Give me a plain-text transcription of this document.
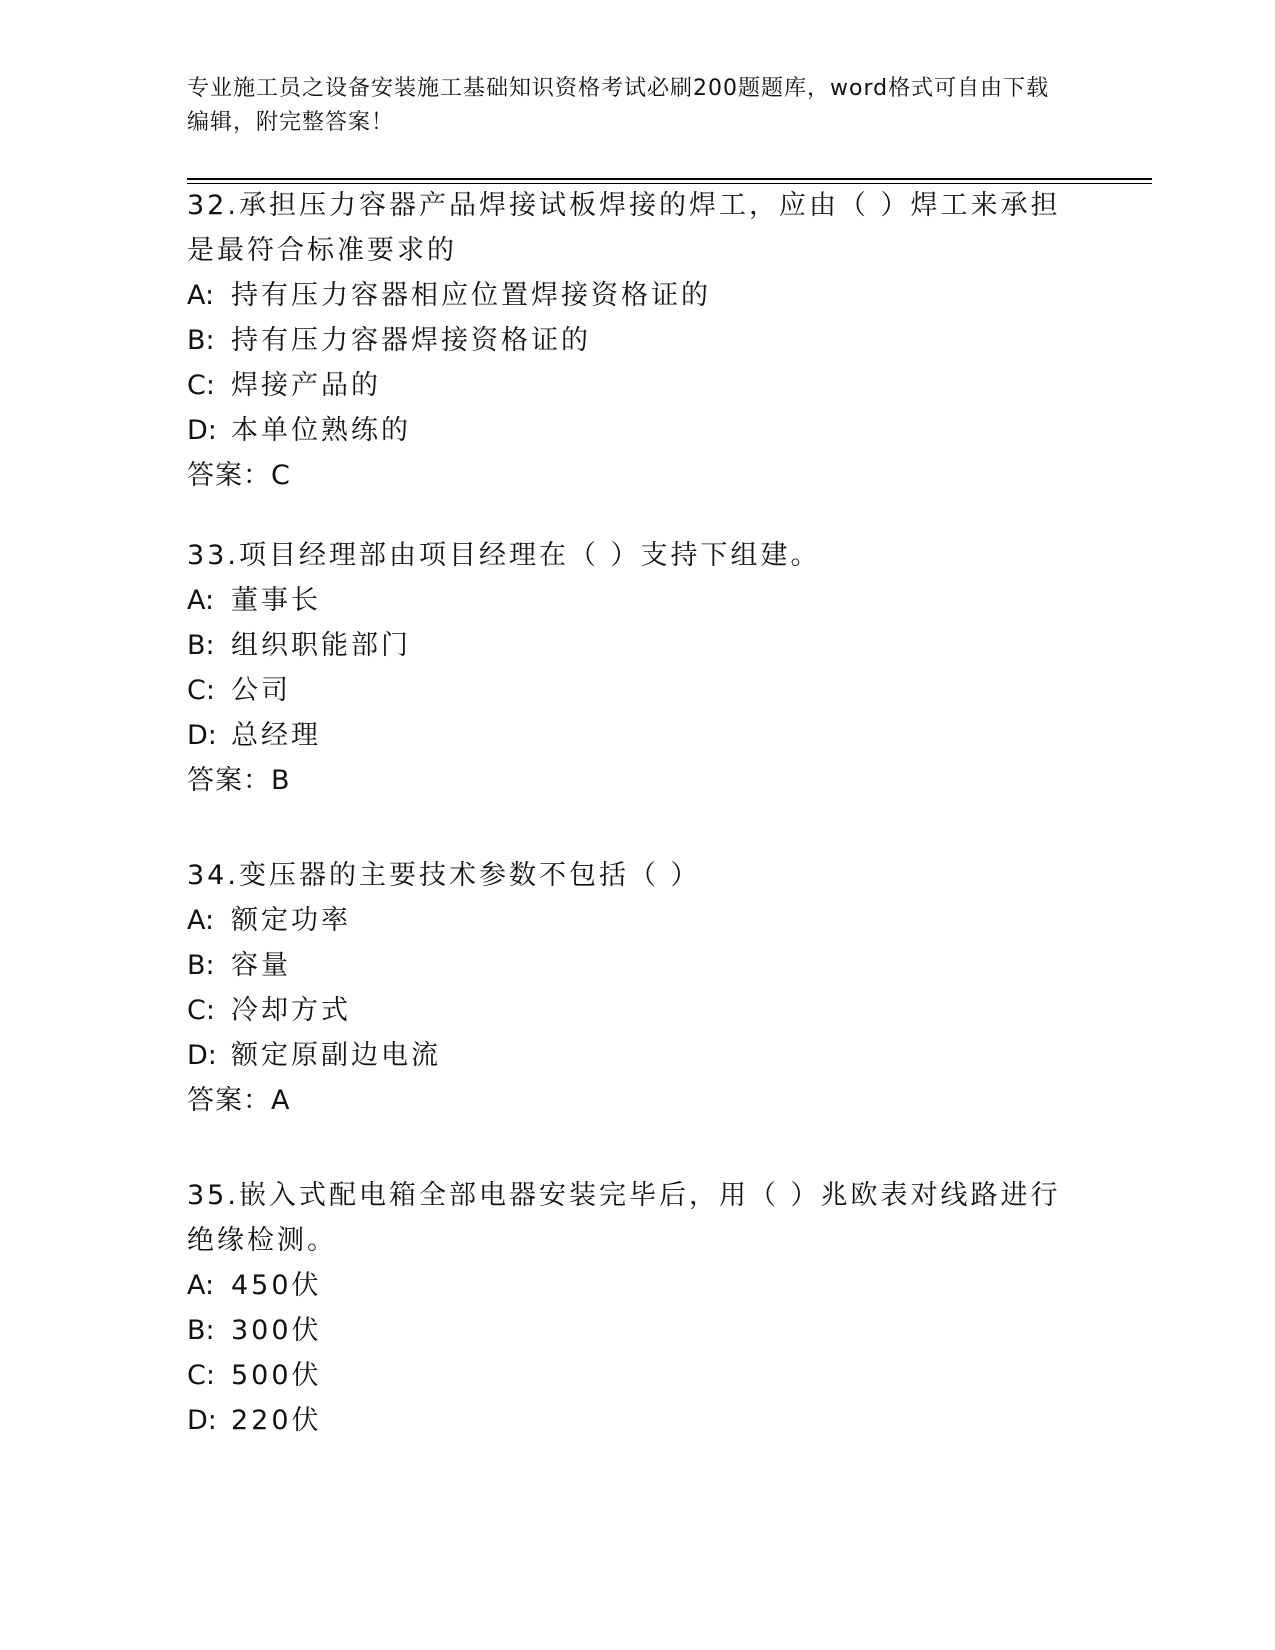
专业施工员之设备安装施工基础知识资格考试必刷200题题库，word格式可自由下载编辑，附完整答案！

32.承担压力容器产品焊接试板焊接的焊工，应由（ ）焊工来承担是最符合标准要求的

A: 持有压力容器相应位置焊接资格证的

B: 持有压力容器焊接资格证的

C: 焊接产品的

D: 本单位熟练的

答案：C

33.项目经理部由项目经理在（ ）支持下组建。

A: 董事长

B: 组织职能部门

C: 公司

D: 总经理

答案：B

34.变压器的主要技术参数不包括（ ）

A: 额定功率

B: 容量

C: 冷却方式

D: 额定原副边电流

答案：A

35.嵌入式配电箱全部电器安装完毕后，用（ ）兆欧表对线路进行绝缘检测。

A: 450伏

B: 300伏

C: 500伏

D: 220伏
